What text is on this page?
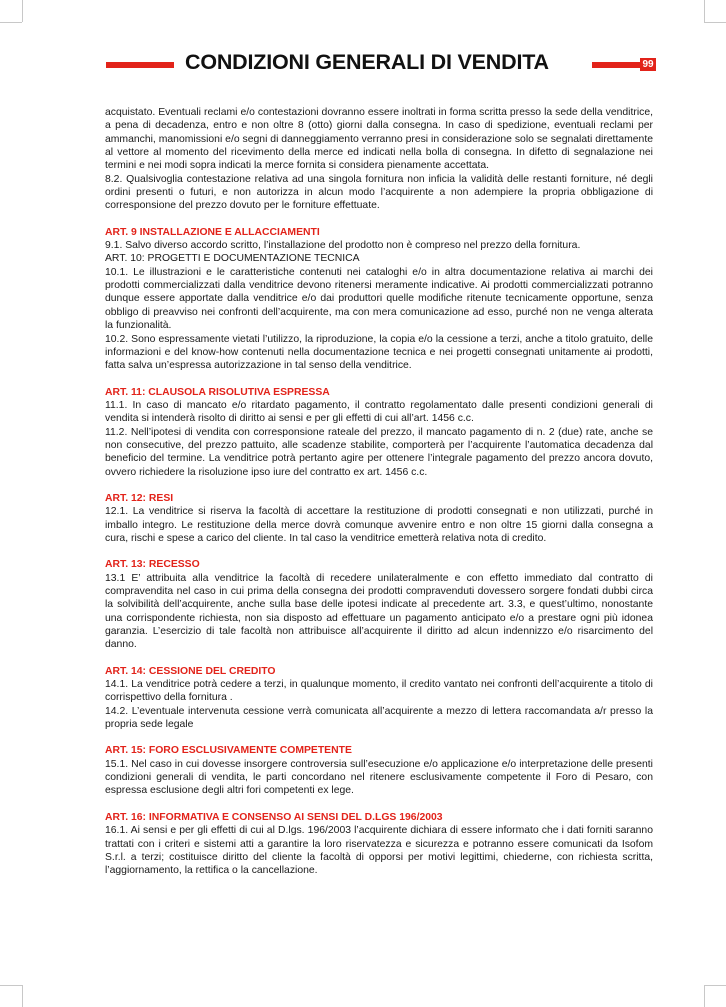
CONDIZIONI GENERALI DI VENDITA	99

acquistato. Eventuali reclami e/o contestazioni dovranno essere inoltrati in forma scritta presso la sede della venditrice, a pena di decadenza, entro e non oltre 8 (otto) giorni dalla consegna. In caso di spedizione, eventuali reclami per ammanchi, manomissioni e/o segni di danneggiamento verranno presi in considerazione solo se segnalati direttamente al vettore al momento del ricevimento della merce ed indicati nella bolla di consegna. In difetto di segnalazione nei termini e nei modi sopra indicati la merce fornita si considera pienamente accettata.

8.2. Qualsivoglia contestazione relativa ad una singola fornitura non inficia la validità delle restanti forniture, né degli ordini presenti o futuri, e non autorizza in alcun modo l’acquirente a non adempiere la propria obbligazione di corresponsione del prezzo dovuto per le forniture effettuate.

ART. 9 INSTALLAZIONE E ALLACCIAMENTI

9.1. Salvo diverso accordo scritto, l’installazione del prodotto non è compreso nel prezzo della fornitura.

ART. 10: PROGETTI E DOCUMENTAZIONE TECNICA

10.1. Le illustrazioni e le caratteristiche contenuti nei cataloghi e/o in altra documentazione relativa ai marchi dei prodotti commercializzati dalla venditrice devono ritenersi meramente indicative. Ai prodotti commercializzati potranno dunque essere apportate dalla venditrice e/o dai produttori quelle modifiche ritenute tecnicamente opportune, senza obbligo di preavviso nei confronti dell’acquirente, ma con mera comunicazione ad esso, purché non ne venga alterata la funzionalità.

10.2. Sono espressamente vietati l’utilizzo, la riproduzione, la copia e/o la cessione a terzi, anche a titolo gratuito, delle informazioni e del know-how contenuti nella documentazione tecnica e nei progetti consegnati unitamente ai prodotti, fatta salva un’espressa autorizzazione in tal senso della venditrice.

ART. 11: CLAUSOLA RISOLUTIVA ESPRESSA

11.1. In caso di mancato e/o ritardato pagamento, il contratto regolamentato dalle presenti condizioni generali di vendita si intenderà risolto di diritto ai sensi e per gli effetti di cui all’art. 1456 c.c.

11.2. Nell’ipotesi di vendita con corresponsione rateale del prezzo, il mancato pagamento di n. 2 (due) rate, anche se non consecutive, del prezzo pattuito, alle scadenze stabilite, comporterà per l’acquirente l’automatica decadenza dal beneficio del termine. La venditrice potrà pertanto agire per ottenere l’integrale pagamento del prezzo ancora dovuto, ovvero richiedere la risoluzione ipso iure del contratto ex art. 1456 c.c.

ART. 12: RESI

12.1. La venditrice si riserva la facoltà di accettare la restituzione di prodotti consegnati e non utilizzati, purché in imballo integro. Le restituzione della merce dovrà comunque avvenire entro e non oltre 15 giorni dalla consegna a cura, rischi e spese a carico del cliente. In tal caso la venditrice emetterà relativa nota di credito.

ART. 13: RECESSO

13.1 E’ attribuita alla venditrice la facoltà di recedere unilateralmente e con effetto immediato dal contratto di compravendita nel caso in cui prima della consegna dei prodotti compravenduti dovessero sorgere fondati dubbi circa la solvibilità dell’acquirente, anche sulla base delle ipotesi indicate al precedente art. 3.3, e quest’ultimo, nonostante una corrispondente richiesta, non sia disposto ad effettuare un pagamento anticipato e/o a prestare ogni più idonea garanzia. L’esercizio di tale facoltà non attribuisce all’acquirente il diritto ad alcun indennizzo e/o risarcimento del danno.

ART. 14: CESSIONE DEL CREDITO

14.1. La venditrice potrà cedere a terzi, in qualunque momento, il credito vantato nei confronti dell’acquirente a titolo di corrispettivo della fornitura .

14.2. L’eventuale intervenuta cessione verrà comunicata all’acquirente a mezzo di lettera raccomandata a/r presso la propria sede legale

ART. 15: FORO ESCLUSIVAMENTE COMPETENTE

15.1. Nel caso in cui dovesse insorgere controversia sull’esecuzione e/o applicazione e/o interpretazione delle presenti condizioni generali di vendita, le parti concordano nel ritenere esclusivamente competente il Foro di Pesaro, con espressa esclusione degli altri fori competenti ex lege.

ART. 16: INFORMATIVA E CONSENSO AI SENSI DEL D.LGS 196/2003

16.1. Ai sensi e per gli effetti di cui al D.lgs. 196/2003 l’acquirente dichiara di essere informato che i dati forniti saranno trattati con i criteri e sistemi atti a garantire la loro riservatezza e sicurezza e potranno essere comunicati da Isofom S.r.l. a terzi; costituisce diritto del cliente la facoltà di opporsi per motivi legittimi, chiederne, con richiesta scritta, l’aggiornamento, la rettifica o la cancellazione.
